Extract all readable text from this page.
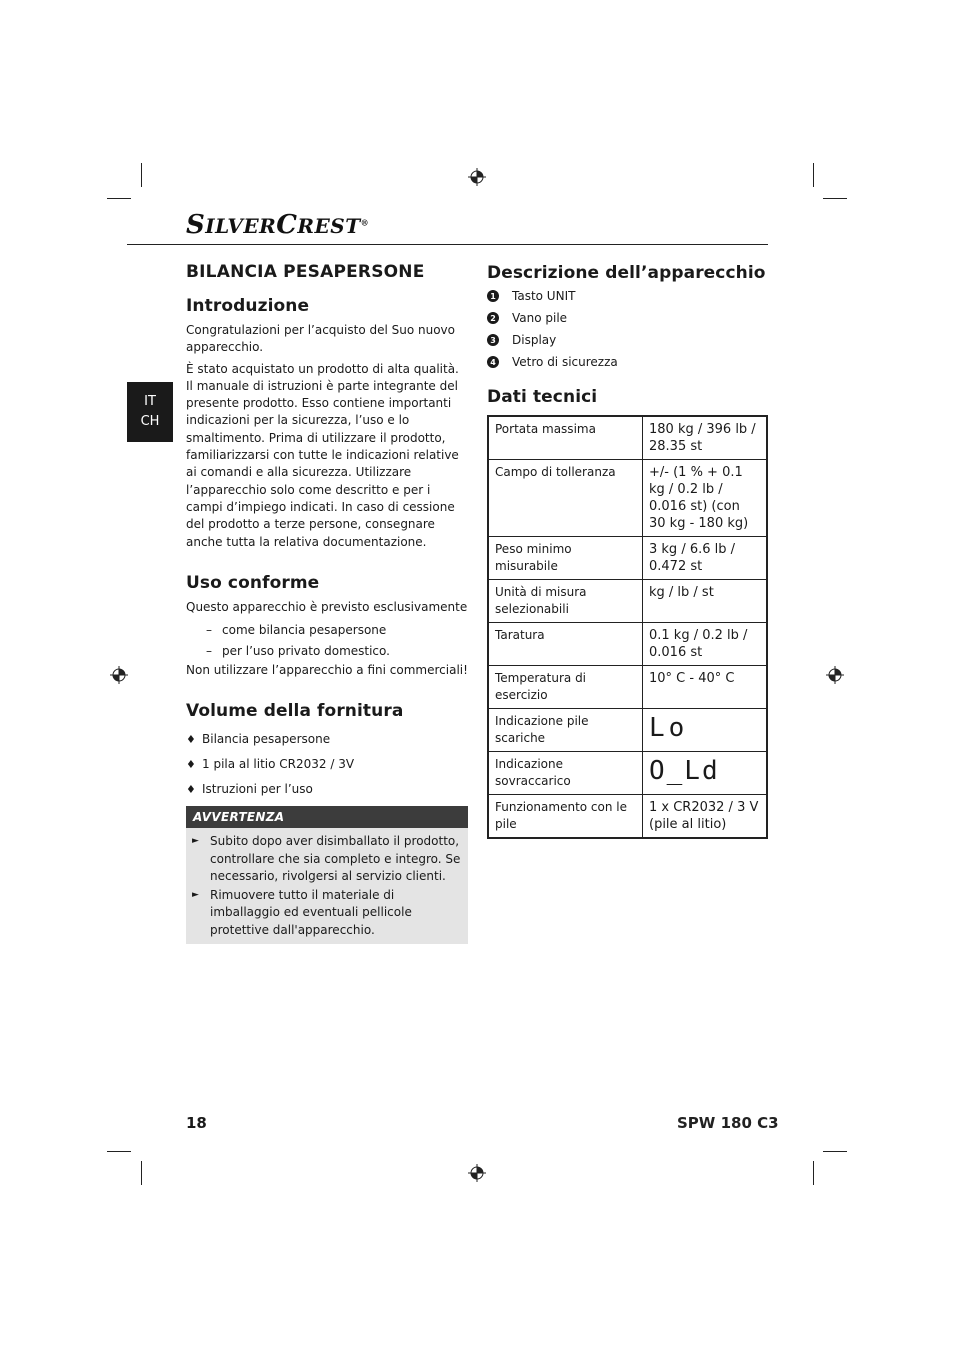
SILVERCREST®
IT
CH
BILANCIA PESAPERSONE
Introduzione

Congratulazioni per l’acquisto del Suo nuovo apparecchio.

È stato acquistato un prodotto di alta qualità. Il manuale di istruzioni è parte integrante del presente prodotto. Esso contiene importanti indicazioni per la sicurezza, l’uso e lo smaltimento. Prima di utilizzare il prodotto, familiarizzarsi con tutte le indicazioni relative ai comandi e alla sicurezza. Utilizzare l’apparecchio solo come descritto e per i campi d’impiego indicati. In caso di cessione del prodotto a terze persone, consegnare anche tutta la relativa documentazione.

Uso conforme

Questo apparecchio è previsto esclusivamente

– come bilancia pesapersone
– per l’uso privato domestico.

Non utilizzare l’apparecchio a fini commerciali!

Volume della fornitura
♦ Bilancia pesapersone
♦ 1 pila al litio CR2032 / 3V
♦ Istruzioni per l’uso
AVVERTENZA
► Subito dopo aver disimballato il prodotto, controllare che sia completo e integro. Se necessario, rivolgersi al servizio clienti.
► Rimuovere tutto il materiale di imballaggio ed eventuali pellicole protettive dall'apparecchio.
Descrizione dell’apparecchio
1 Tasto UNIT
2 Vano pile
3 Display
4 Vetro di sicurezza
Dati tecnici
Portata massima	180 kg / 396 lb / 28.35 st
Campo di tolleranza	+/- (1 % + 0.1 kg / 0.2 lb / 0.016 st) (con 30 kg - 180 kg)
Peso minimo misurabile	3 kg / 6.6 lb / 0.472 st
Unità di misura selezionabili	kg / lb / st
Taratura	0.1 kg / 0.2 lb / 0.016 st
Temperatura di esercizio	10° C - 40° C
Indicazione pile scariche	Lo
Indicazione sovraccarico	O_Ld
Funzionamento con le pile	1 x CR2032 / 3 V (pile al litio)
18	SPW 180 C3
